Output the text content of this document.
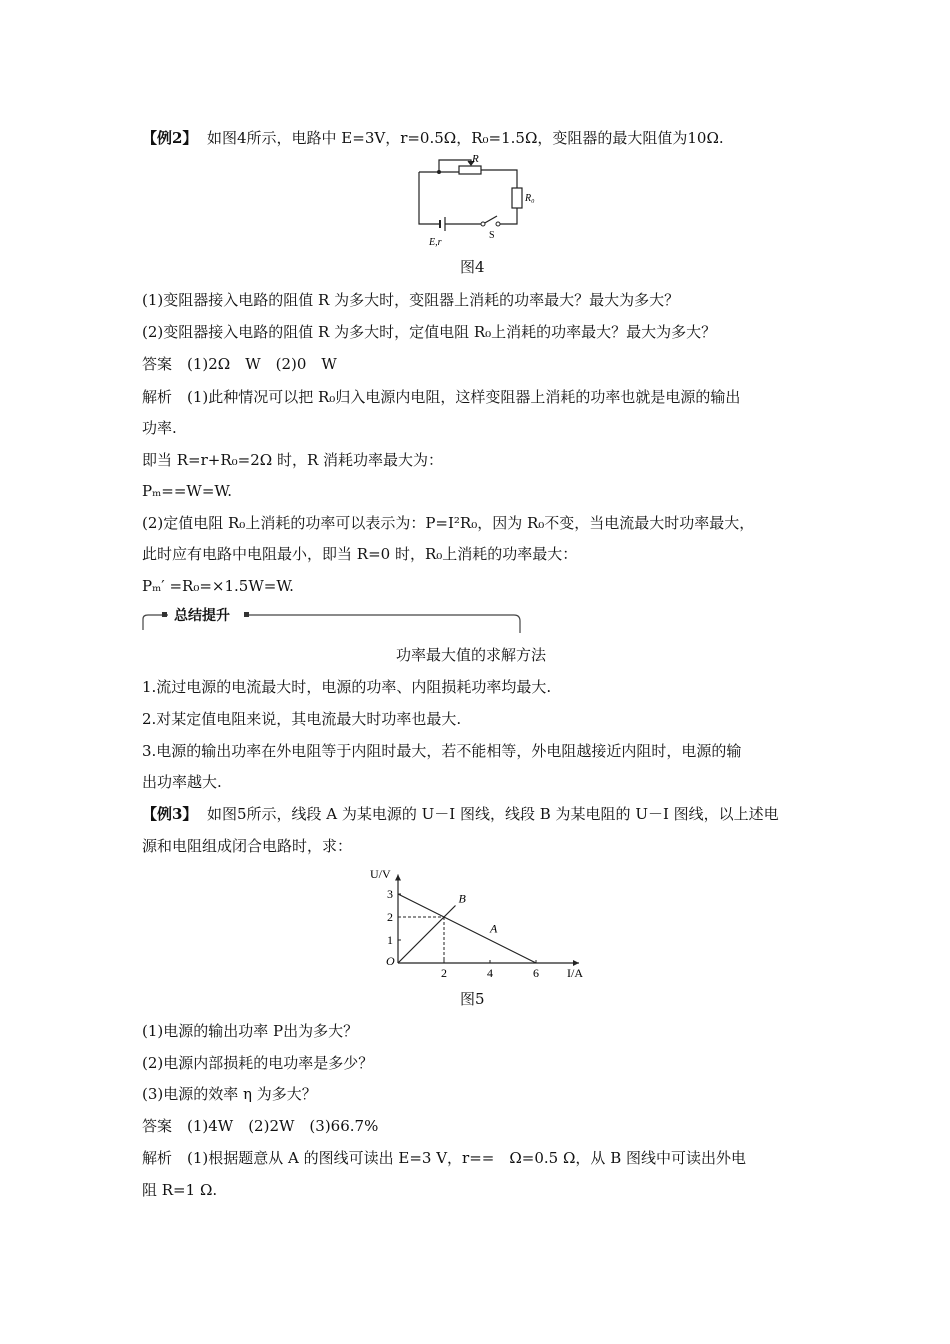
【例2】 如图4所示，电路中 E=3V，r=0.5Ω，R₀=1.5Ω，变阻器的最大阻值为10Ω.
R
R₀
E,r
S
图4
(1)变阻器接入电路的阻值 R 为多大时，变阻器上消耗的功率最大？最大为多大？
(2)变阻器接入电路的阻值 R 为多大时，定值电阻 R₀上消耗的功率最大？最大为多大？
答案　(1)2Ω　W　(2)0　W
解析　(1)此种情况可以把 R₀归入电源内电阻，这样变阻器上消耗的功率也就是电源的输出
功率.
即当 R=r+R₀=2Ω 时，R 消耗功率最大为：
Pₘ==W=W.
(2)定值电阻 R₀上消耗的功率可以表示为：P=I²R₀，因为 R₀不变，当电流最大时功率最大，
此时应有电路中电阻最小，即当 R=0 时，R₀上消耗的功率最大：
Pₘ′ =R₀=×1.5W=W.
总结提升
功率最大值的求解方法
1.流过电源的电流最大时，电源的功率、内阻损耗功率均最大.
2.对某定值电阻来说，其电流最大时功率也最大.
3.电源的输出功率在外电阻等于内阻时最大，若不能相等，外电阻越接近内阻时，电源的输
出功率越大.
【例3】 如图5所示，线段 A 为某电源的 U－I 图线，线段 B 为某电阻的 U－I 图线，以上述电
源和电阻组成闭合电路时，求：
U/V
I/A
O
2	4	6
1
2
3
A
B
图5
(1)电源的输出功率 P出为多大？
(2)电源内部损耗的电功率是多少？
(3)电源的效率 η 为多大？
答案　(1)4W　(2)2W　(3)66.7%
解析　(1)根据题意从 A 的图线可读出 E=3 V，r==　Ω=0.5 Ω，从 B 图线中可读出外电
阻 R=1 Ω.
